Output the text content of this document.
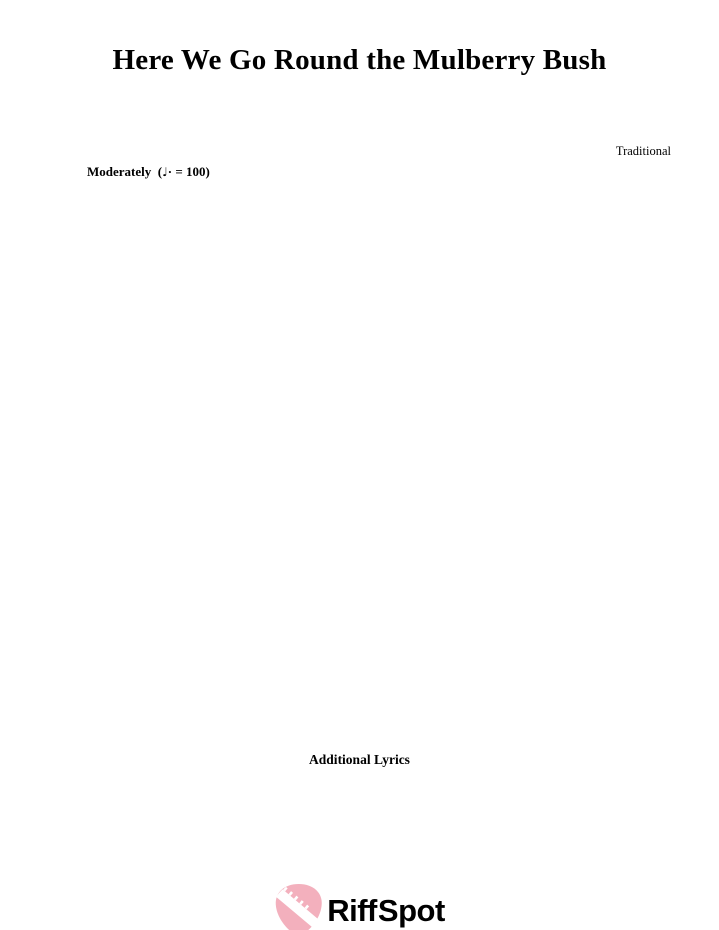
Here We Go Round the Mulberry Bush
Traditional
Moderately (♩· = 100)
Additional Lyrics
Riff Spot
